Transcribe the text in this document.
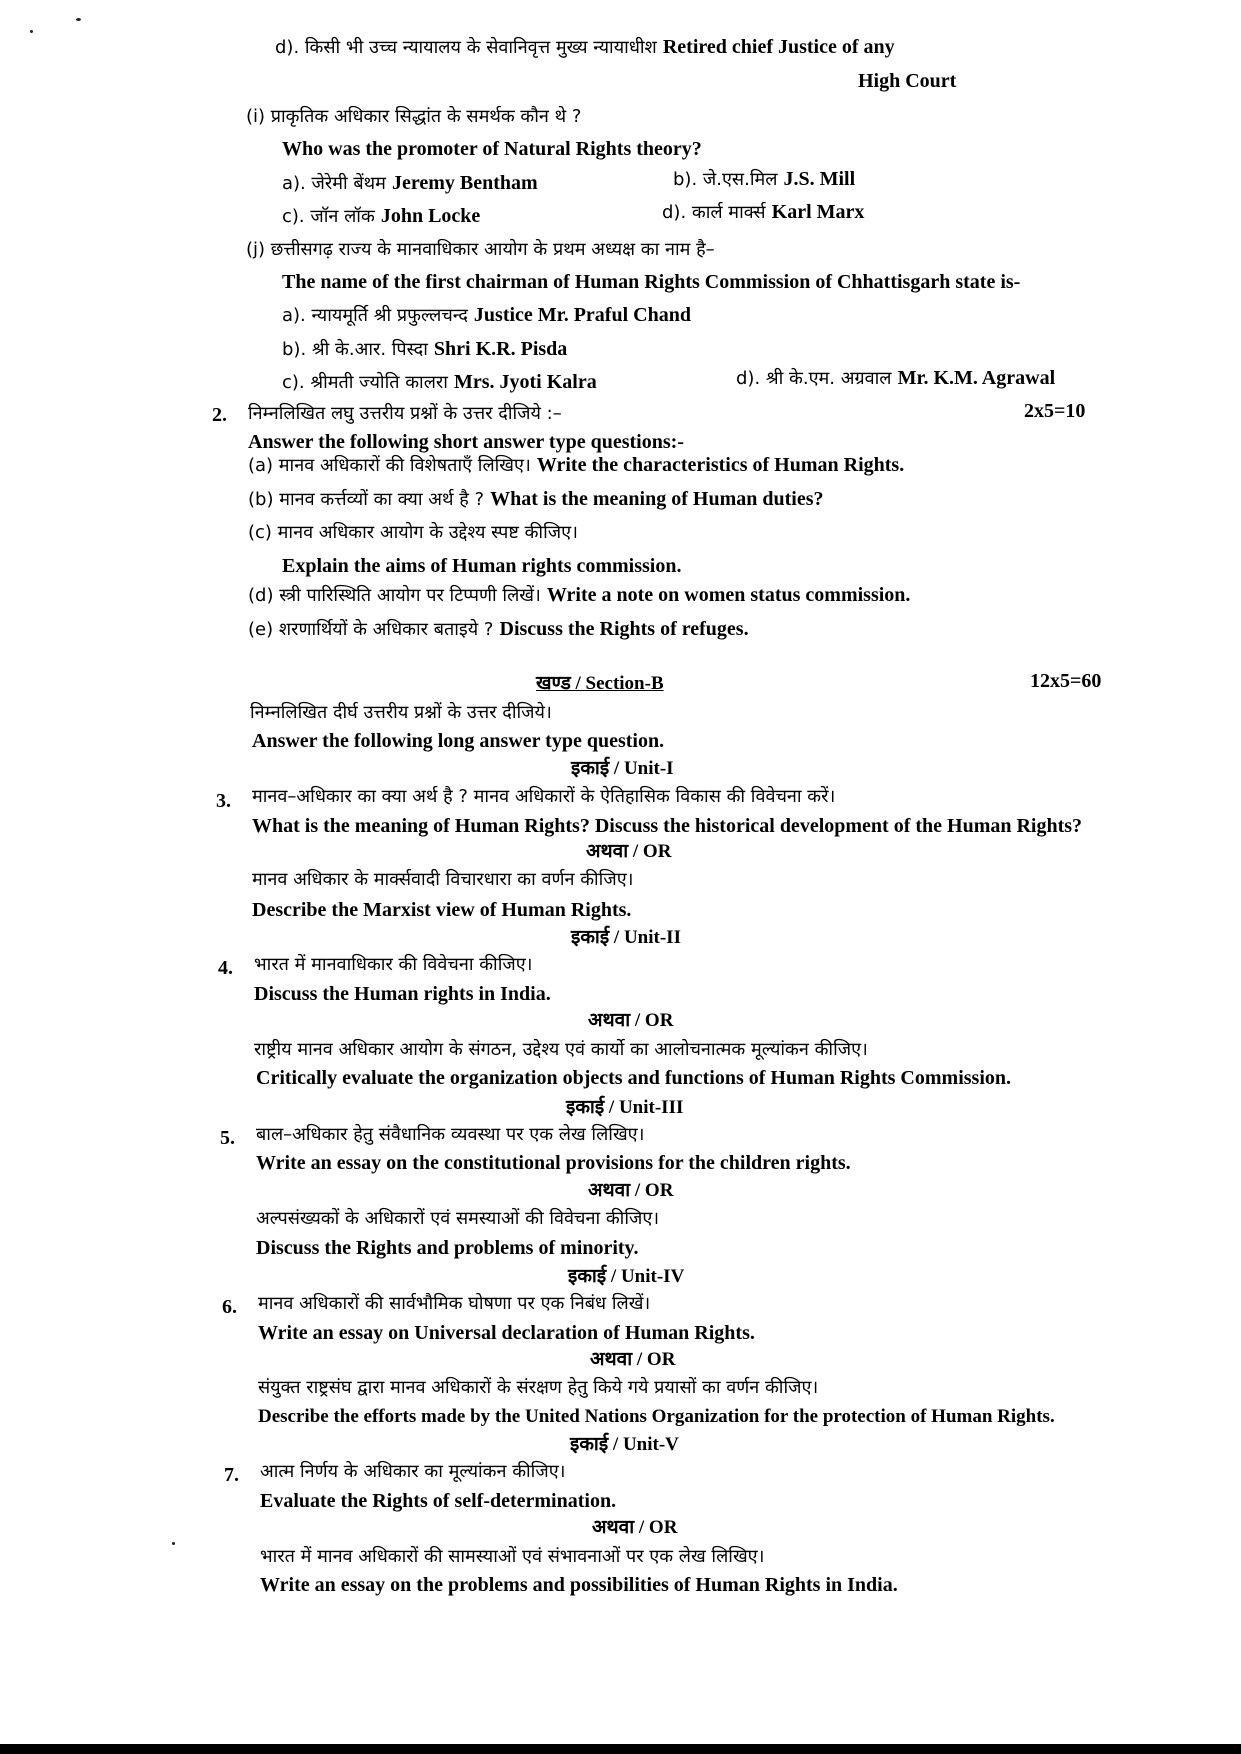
d). किसी भी उच्च न्यायालय के सेवानिवृत्त मुख्य न्यायाधीश Retired chief Justice of any
High Court
(i) प्राकृतिक अधिकार सिद्धांत के समर्थक कौन थे ?
Who was the promoter of Natural Rights theory?
a). जेरेमी बेंथम Jeremy Bentham	b). जे.एस.मिल J.S. Mill
c). जॉन लॉक John Locke	d). कार्ल मार्क्स Karl Marx
(j) छत्तीसगढ़ राज्य के मानवाधिकार आयोग के प्रथम अध्यक्ष का नाम है–
The name of the first chairman of Human Rights Commission of Chhattisgarh state is-
a). न्यायमूर्ति श्री प्रफुल्लचन्द Justice Mr. Praful Chand
b). श्री के.आर. पिस्दा Shri K.R. Pisda
c). श्रीमती ज्योति कालरा Mrs. Jyoti Kalra	d). श्री के.एम. अग्रवाल Mr. K.M. Agrawal
2. निम्नलिखित लघु उत्तरीय प्रश्नों के उत्तर दीजिये :–	2x5=10
Answer the following short answer type questions:-
(a) मानव अधिकारों की विशेषताएँ लिखिए। Write the characteristics of Human Rights.
(b) मानव कर्त्तव्यों का क्या अर्थ है ? What is the meaning of Human duties?
(c) मानव अधिकार आयोग के उद्देश्य स्पष्ट कीजिए।
Explain the aims of Human rights commission.
(d) स्त्री पारिस्थिति आयोग पर टिप्पणी लिखें। Write a note on women status commission.
(e) शरणार्थियों के अधिकार बताइये ? Discuss the Rights of refuges.
खण्ड / Section-B	12x5=60
निम्नलिखित दीर्घ उत्तरीय प्रश्नों के उत्तर दीजिये।
Answer the following long answer type question.
इकाई / Unit-I
3. मानव–अधिकार का क्या अर्थ है ? मानव अधिकारों के ऐतिहासिक विकास की विवेचना करें।
What is the meaning of Human Rights? Discuss the historical development of the Human Rights?
अथवा / OR
मानव अधिकार के मार्क्सवादी विचारधारा का वर्णन कीजिए।
Describe the Marxist view of Human Rights.
इकाई / Unit-II
4. भारत में मानवाधिकार की विवेचना कीजिए।
Discuss the Human rights in India.
अथवा / OR
राष्ट्रीय मानव अधिकार आयोग के संगठन, उद्देश्य एवं कार्यो का आलोचनात्मक मूल्यांकन कीजिए।
Critically evaluate the organization objects and functions of Human Rights Commission.
इकाई / Unit-III
5. बाल–अधिकार हेतु संवैधानिक व्यवस्था पर एक लेख लिखिए।
Write an essay on the constitutional provisions for the children rights.
अथवा / OR
अल्पसंख्यकों के अधिकारों एवं समस्याओं की विवेचना कीजिए।
Discuss the Rights and problems of minority.
इकाई / Unit-IV
6. मानव अधिकारों की सार्वभौमिक घोषणा पर एक निबंध लिखें।
Write an essay on Universal declaration of Human Rights.
अथवा / OR
संयुक्त राष्ट्रसंघ द्वारा मानव अधिकारों के संरक्षण हेतु किये गये प्रयासों का वर्णन कीजिए।
Describe the efforts made by the United Nations Organization for the protection of Human Rights.
इकाई / Unit-V
7. आत्म निर्णय के अधिकार का मूल्यांकन कीजिए।
Evaluate the Rights of self-determination.
अथवा / OR
भारत में मानव अधिकारों की सामस्याओं एवं संभावनाओं पर एक लेख लिखिए।
Write an essay on the problems and possibilities of Human Rights in India.
